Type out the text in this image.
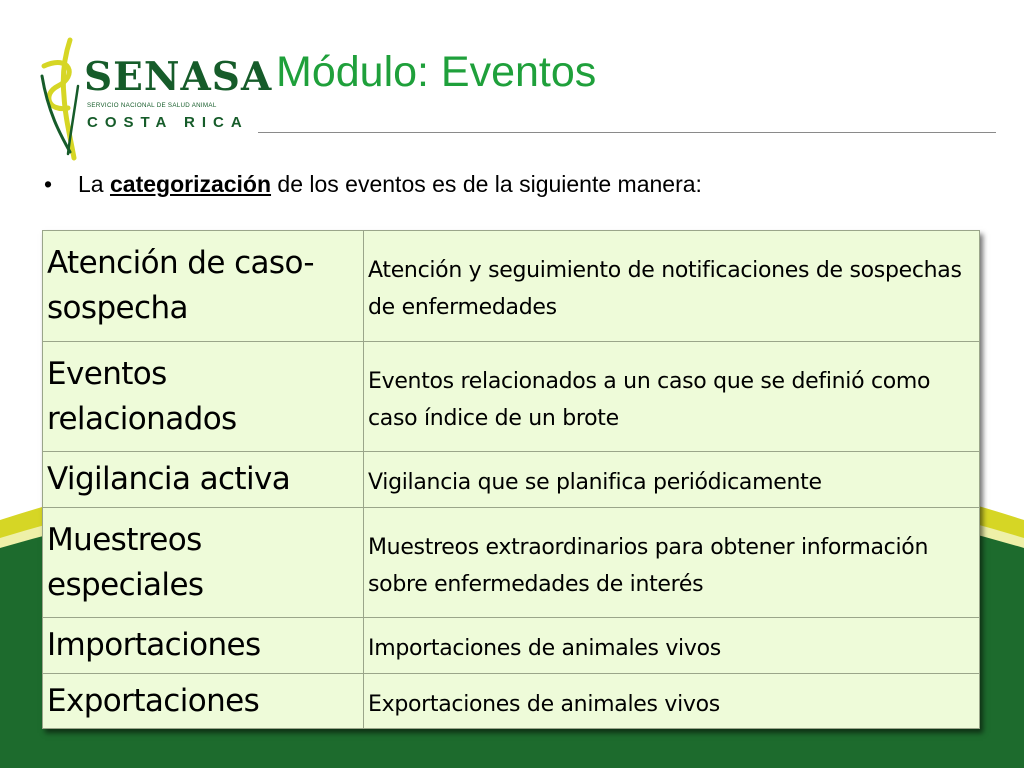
SENASA
SERVICIO NACIONAL DE SALUD ANIMAL
COSTA RICA
Módulo: Eventos
• La categorización de los eventos es de la siguiente manera:
Atención de caso-sospecha	Atención y seguimiento de notificaciones de sospechas de enfermedades
Eventos relacionados	Eventos relacionados a un caso que se definió como caso índice de un brote
Vigilancia activa	Vigilancia que se planifica periódicamente
Muestreos especiales	Muestreos extraordinarios para obtener información sobre enfermedades de interés
Importaciones	Importaciones de animales vivos
Exportaciones	Exportaciones de animales vivos
